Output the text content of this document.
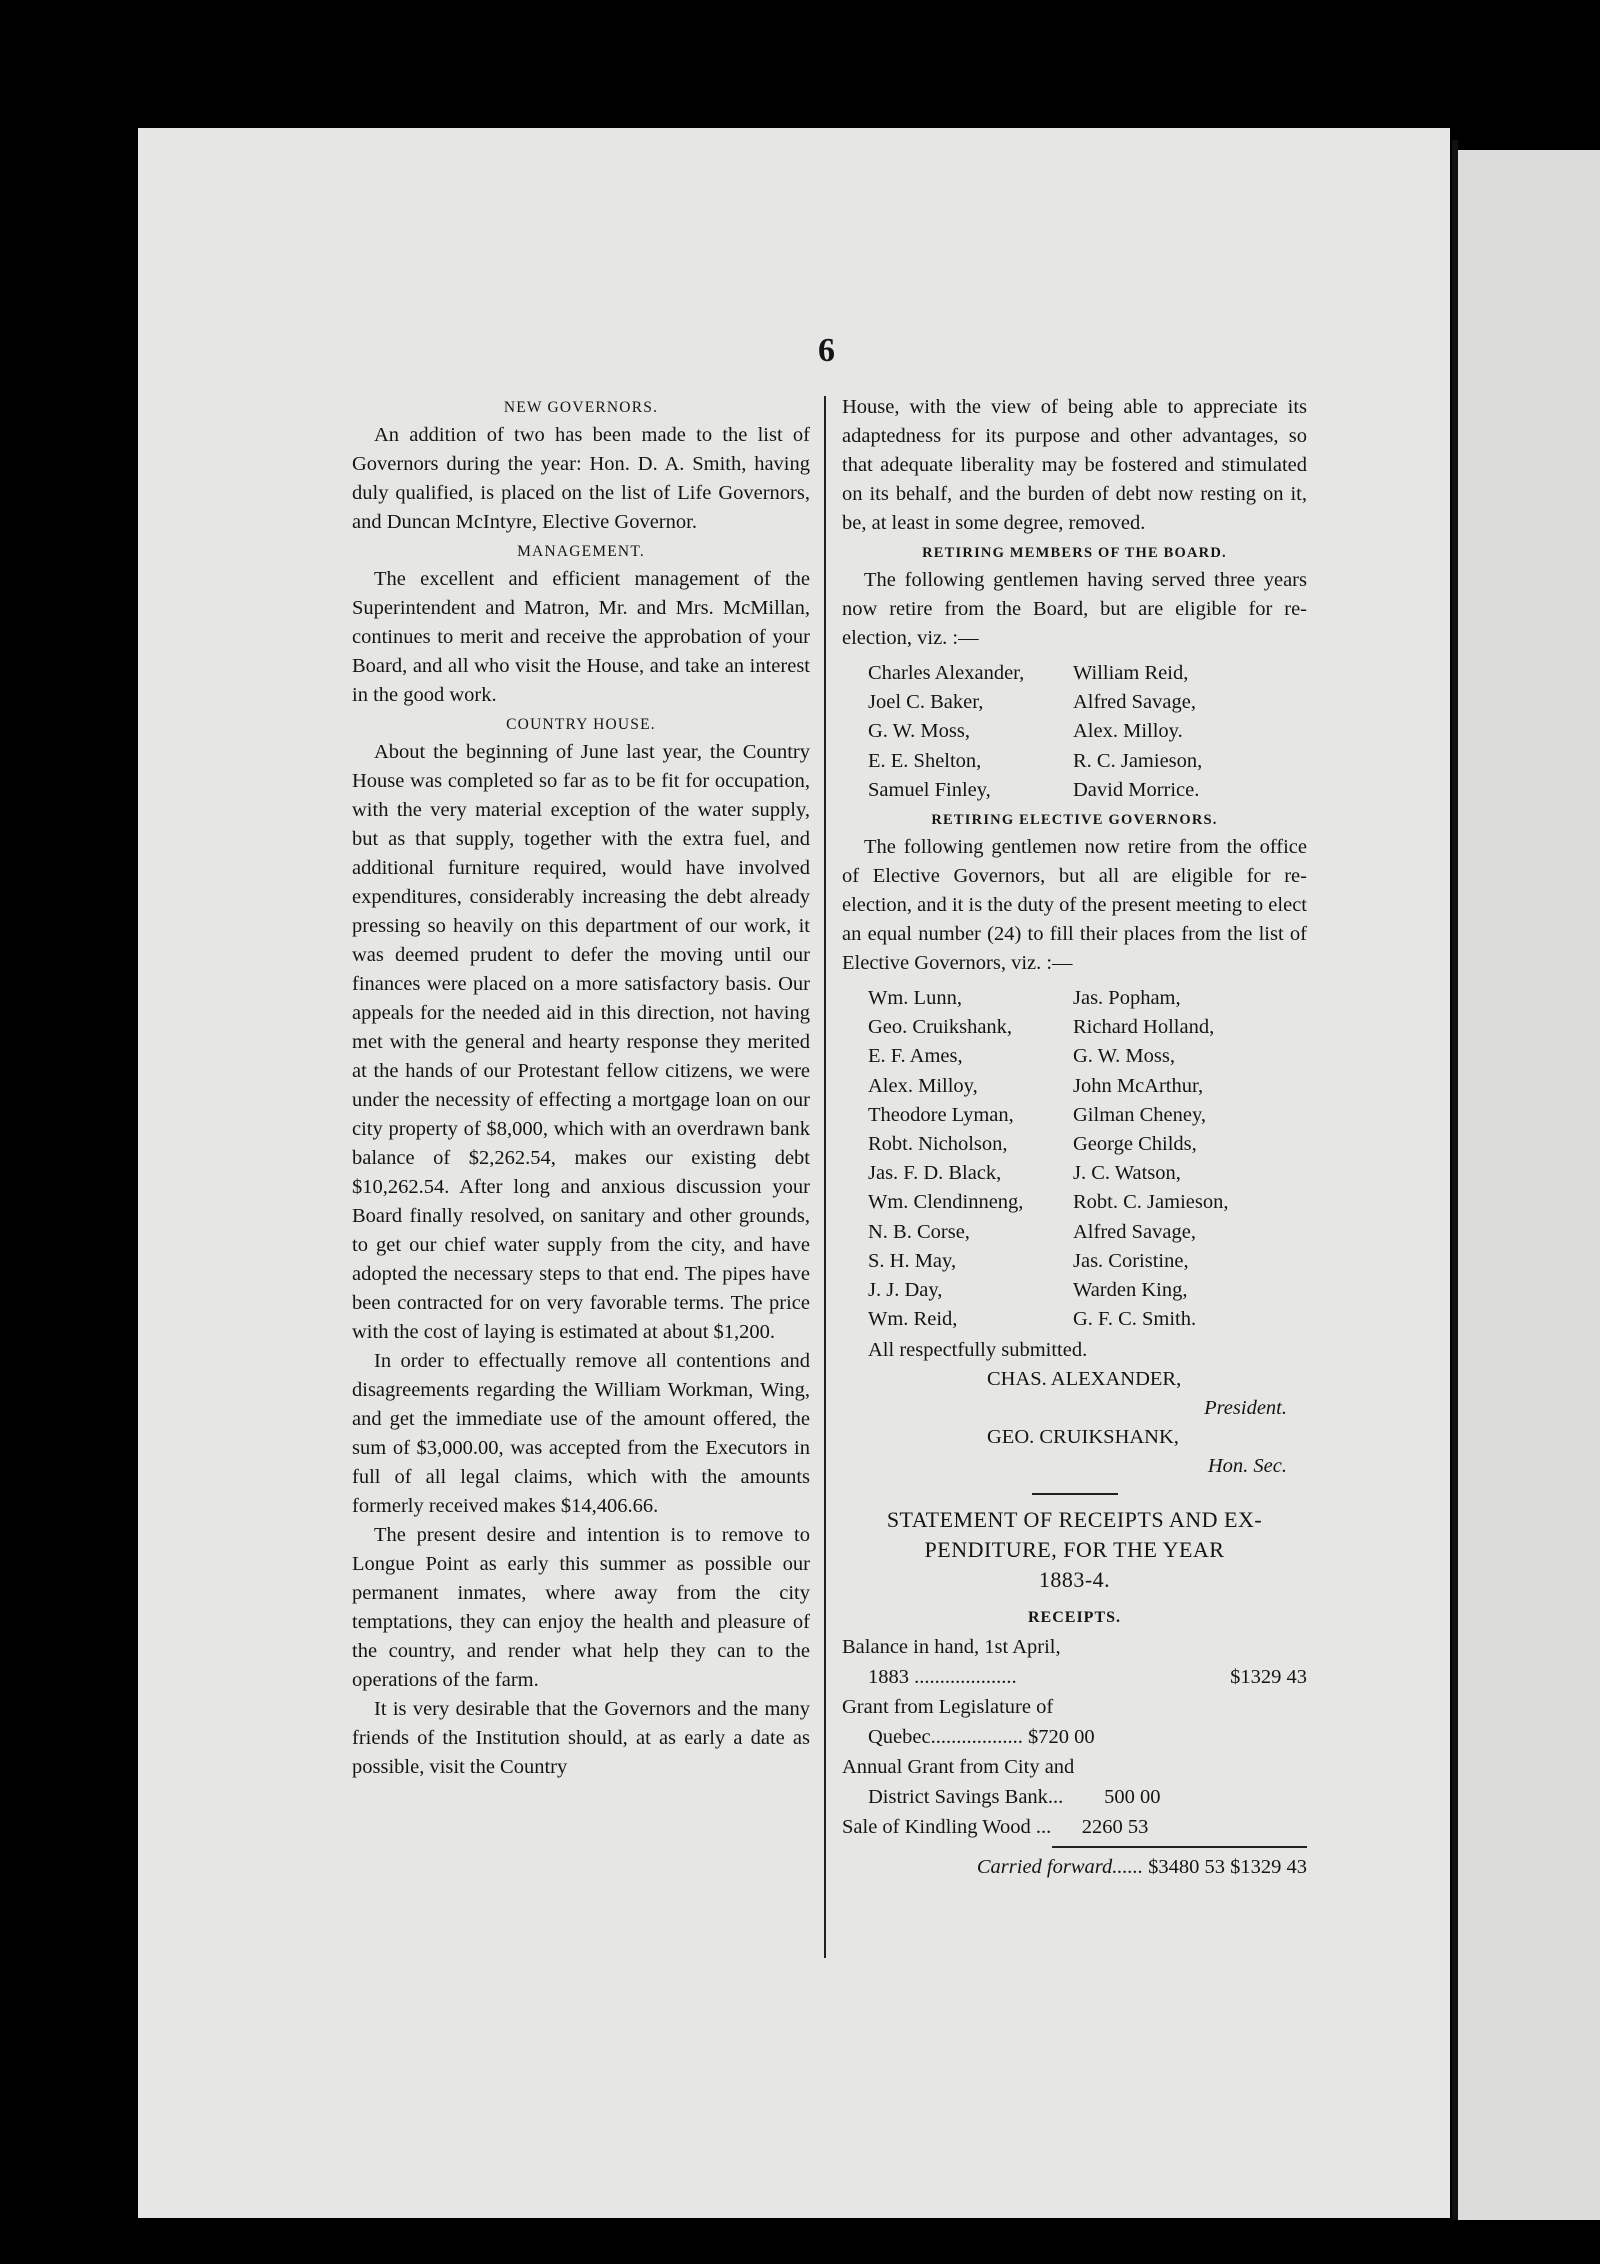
6
NEW GOVERNORS.

An addition of two has been made to the list of Governors during the year: Hon. D. A. Smith, having duly qualified, is placed on the list of Life Governors, and Duncan McIntyre, Elective Governor.

MANAGEMENT.

The excellent and efficient management of the Superintendent and Matron, Mr. and Mrs. McMillan, continues to merit and receive the approbation of your Board, and all who visit the House, and take an interest in the good work.

COUNTRY HOUSE.

About the beginning of June last year, the Country House was completed so far as to be fit for occupation, with the very material exception of the water supply, but as that supply, together with the extra fuel, and additional furniture required, would have involved expenditures, considerably increasing the debt already pressing so heavily on this department of our work, it was deemed prudent to defer the moving until our finances were placed on a more satisfactory basis. Our appeals for the needed aid in this direction, not having met with the general and hearty response they merited at the hands of our Protestant fellow citizens, we were under the necessity of effecting a mortgage loan on our city property of $8,000, which with an overdrawn bank balance of $2,262.54, makes our existing debt $10,262.54. After long and anxious discussion your Board finally resolved, on sanitary and other grounds, to get our chief water supply from the city, and have adopted the necessary steps to that end. The pipes have been contracted for on very favorable terms. The price with the cost of laying is estimated at about $1,200.

In order to effectually remove all contentions and disagreements regarding the William Workman, Wing, and get the immediate use of the amount offered, the sum of $3,000.00, was accepted from the Executors in full of all legal claims, which with the amounts formerly received makes $14,406.66.

The present desire and intention is to remove to Longue Point as early this summer as possible our permanent inmates, where away from the city temptations, they can enjoy the health and pleasure of the country, and render what help they can to the operations of the farm.

It is very desirable that the Governors and the many friends of the Institution should, at as early a date as possible, visit the Country

House, with the view of being able to appreciate its adaptedness for its purpose and other advantages, so that adequate liberality may be fostered and stimulated on its behalf, and the burden of debt now resting on it, be, at least in some degree, removed.

RETIRING MEMBERS OF THE BOARD.

The following gentlemen having served three years now retire from the Board, but are eligible for re-election, viz. :—

Charles Alexander,	William Reid,
Joel C. Baker,	Alfred Savage,
G. W. Moss,	Alex. Milloy.
E. E. Shelton,	R. C. Jamieson,
Samuel Finley,	David Morrice.
RETIRING ELECTIVE GOVERNORS.

The following gentlemen now retire from the office of Elective Governors, but all are eligible for re-election, and it is the duty of the present meeting to elect an equal number (24) to fill their places from the list of Elective Governors, viz. :—

Wm. Lunn,	Jas. Popham,
Geo. Cruikshank,	Richard Holland,
E. F. Ames,	G. W. Moss,
Alex. Milloy,	John McArthur,
Theodore Lyman,	Gilman Cheney,
Robt. Nicholson,	George Childs,
Jas. F. D. Black,	J. C. Watson,
Wm. Clendinneng,	Robt. C. Jamieson,
N. B. Corse,	Alfred Savage,
S. H. May,	Jas. Coristine,
J. J. Day,	Warden King,
Wm. Reid,	G. F. C. Smith.
All respectfully submitted.
CHAS. ALEXANDER,
President.
GEO. CRUIKSHANK,
Hon. Sec.
STATEMENT OF RECEIPTS AND EX-
PENDITURE, FOR THE YEAR
1883-4.
RECEIPTS.
Balance in hand, 1st April,
1883 ....................	$1329 43
Grant from Legislature of
Quebec.................. $720 00
Annual Grant from City and
District Savings Bank... 500 00
Sale of Kindling Wood ... 2260 53
Carried forward...... $3480 53 $1329 43
